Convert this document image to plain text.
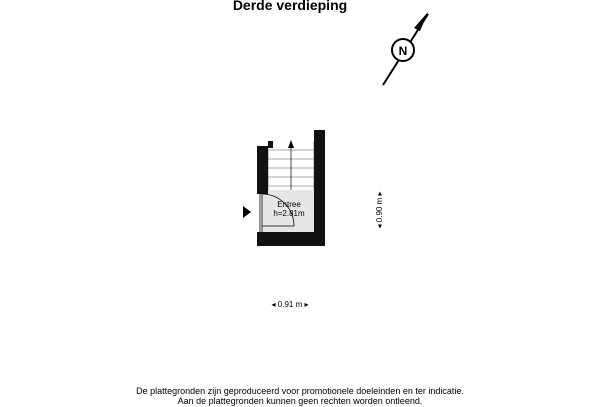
Derde verdieping
N
Entree
h=2.81m
◂ 0.91 m ▸
◂ 0.90 m ▸
De plattegronden zijn geproduceerd voor promotionele doeleinden en ter indicatie.
Aan de plattegronden kunnen geen rechten worden ontleend.
